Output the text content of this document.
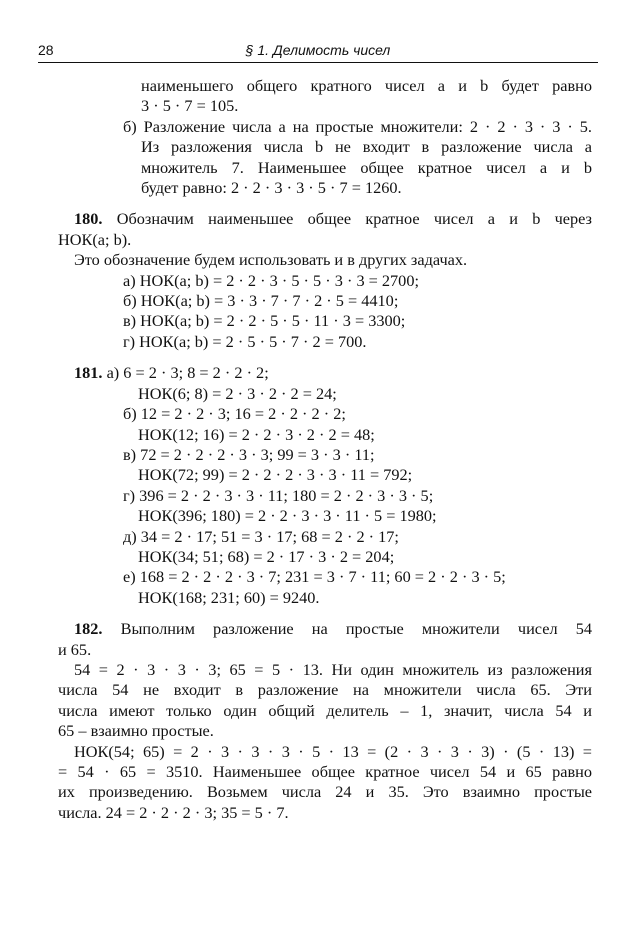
28	§ 1. Делимость чисел
наименьшего общего кратного чисел a и b будет равно
3 · 5 · 7 = 105.
б) Разложение числа a на простые множители: 2 · 2 · 3 · 3 · 5.
Из разложения числа b не входит в разложение числа a
множитель 7. Наименьшее общее кратное чисел a и b
будет равно: 2 · 2 · 3 · 3 · 5 · 7 = 1260.
180. Обозначим наименьшее общее кратное чисел a и b через
НОК(a; b).
Это обозначение будем использовать и в других задачах.
а) НОК(a; b) = 2 · 2 · 3 · 5 · 5 · 3 · 3 = 2700;
б) НОК(a; b) = 3 · 3 · 7 · 7 · 2 · 5 = 4410;
в) НОК(a; b) = 2 · 2 · 5 · 5 · 11 · 3 = 3300;
г) НОК(a; b) = 2 · 5 · 5 · 7 · 2 = 700.
181. а) 6 = 2 · 3; 8 = 2 · 2 · 2;
НОК(6; 8) = 2 · 3 · 2 · 2 = 24;
б) 12 = 2 · 2 · 3; 16 = 2 · 2 · 2 · 2;
НОК(12; 16) = 2 · 2 · 3 · 2 · 2 = 48;
в) 72 = 2 · 2 · 2 · 3 · 3; 99 = 3 · 3 · 11;
НОК(72; 99) = 2 · 2 · 2 · 3 · 3 · 11 = 792;
г) 396 = 2 · 2 · 3 · 3 · 11; 180 = 2 · 2 · 3 · 3 · 5;
НОК(396; 180) = 2 · 2 · 3 · 3 · 11 · 5 = 1980;
д) 34 = 2 · 17; 51 = 3 · 17; 68 = 2 · 2 · 17;
НОК(34; 51; 68) = 2 · 17 · 3 · 2 = 204;
е) 168 = 2 · 2 · 2 · 3 · 7; 231 = 3 · 7 · 11; 60 = 2 · 2 · 3 · 5;
НОК(168; 231; 60) = 9240.
182. Выполним разложение на простые множители чисел 54
и 65.
54 = 2 · 3 · 3 · 3; 65 = 5 · 13. Ни один множитель из разложения
числа 54 не входит в разложение на множители числа 65. Эти
числа имеют только один общий делитель – 1, значит, числа 54 и
65 – взаимно простые.
НОК(54; 65) = 2 · 3 · 3 · 3 · 5 · 13 = (2 · 3 · 3 · 3) · (5 · 13) =
= 54 · 65 = 3510. Наименьшее общее кратное чисел 54 и 65 равно
их произведению. Возьмем числа 24 и 35. Это взаимно простые
числа. 24 = 2 · 2 · 2 · 3; 35 = 5 · 7.
